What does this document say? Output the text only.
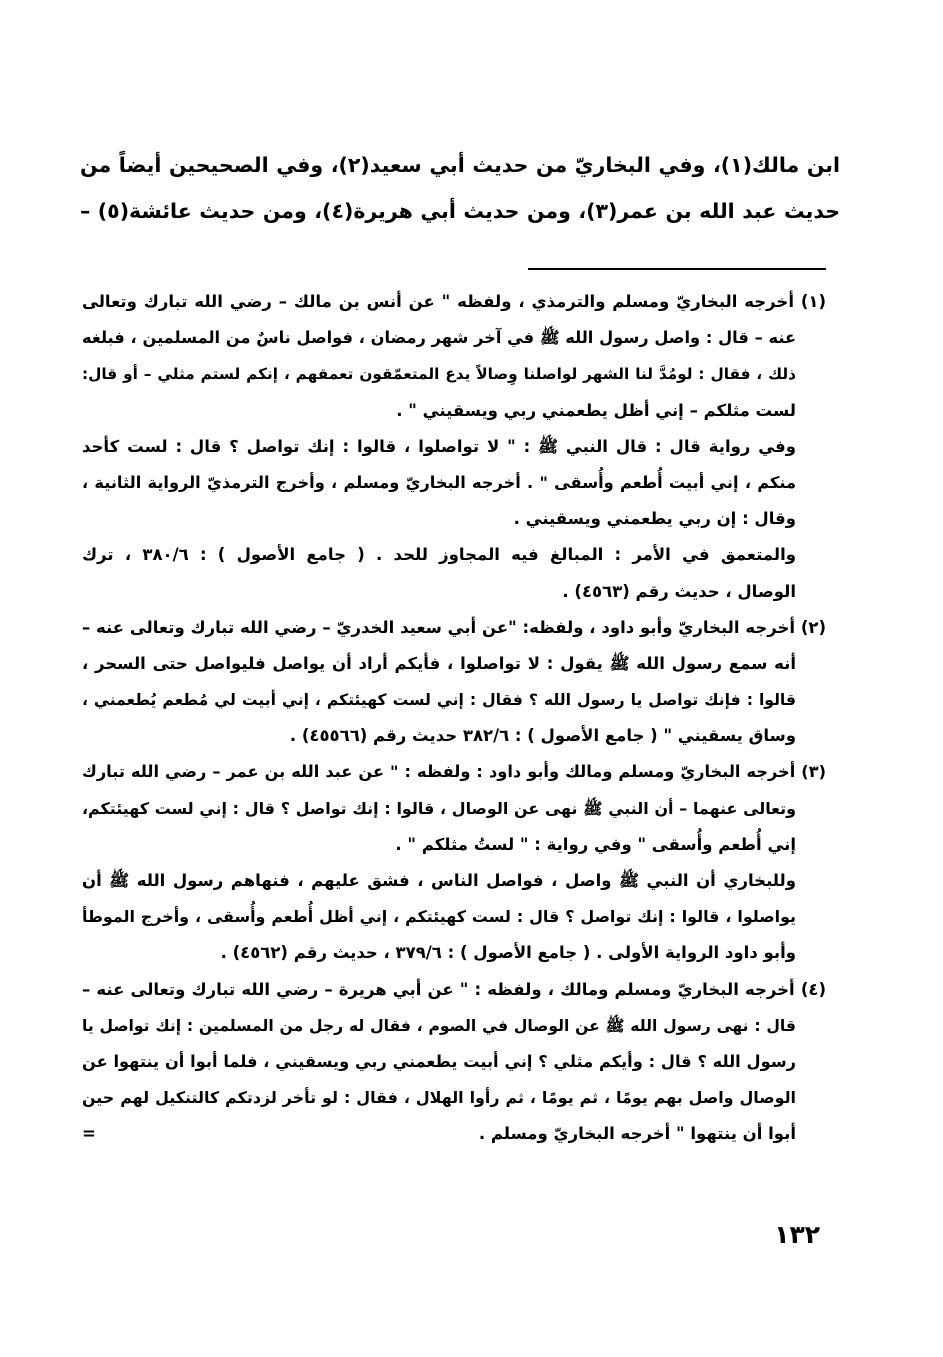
ابن مالك(١)، وفي البخاريّ من حديث أبي سعيد(٢)، وفي الصحيحين أيضاً من
حديث عبد الله بن عمر(٣)، ومن حديث أبي هريرة(٤)، ومن حديث عائشة(٥) –
(١) أخرجه البخاريّ ومسلم والترمذي ، ولفظه " عن أنس بن مالك – رضي الله تبارك وتعالى
عنه – قال : واصل رسول الله ﷺ في آخر شهر رمضان ، فواصل ناسٌ من المسلمين ، فبلغه
ذلك ، فقال : لومُدَّ لنا الشهر لواصلنا وِصالاً يدع المتعمّقون تعمقهم ، إنكم لستم مثلي – أو قال:
لست مثلكم – إني أظل يطعمني ربي ويسقيني " .
وفي رواية قال : قال النبي ﷺ : " لا تواصلوا ، قالوا : إنك تواصل ؟ قال : لست كأحد
منكم ، إني أبيت أُطعم وأُسقى " . أخرجه البخاريّ ومسلم ، وأخرج الترمذيّ الرواية الثانية ،
وقال : إن ربي يطعمني ويسقيني .
والمتعمق في الأمر : المبالغ فيه المجاوز للحد . ( جامع الأصول ) : ٣٨٠/٦ ، ترك
الوصال ، حديث رقم (٤٥٦٣) .
(٢) أخرجه البخاريّ وأبو داود ، ولفظه: "عن أبي سعيد الخدريّ – رضي الله تبارك وتعالى عنه –
أنه سمع رسول الله ﷺ يقول : لا تواصلوا ، فأيكم أراد أن يواصل فليواصل حتى السحر ،
قالوا : فإنك تواصل يا رسول الله ؟ فقال : إني لست كهيئتكم ، إني أبيت لي مُطعم يُطعمني ،
وساق يسقيني " ( جامع الأصول ) : ٣٨٢/٦ حديث رقم (٤٥٥٦٦) .
(٣) أخرجه البخاريّ ومسلم ومالك وأبو داود : ولفظه : " عن عبد الله بن عمر – رضي الله تبارك
وتعالى عنهما – أن النبي ﷺ نهى عن الوصال ، قالوا : إنك تواصل ؟ قال : إني لست كهيئتكم،
إني أُطعم وأُسقى " وفي رواية : " لستُ مثلكم " .
وللبخاري أن النبي ﷺ واصل ، فواصل الناس ، فشق عليهم ، فنهاهم رسول الله ﷺ أن
يواصلوا ، قالوا : إنك تواصل ؟ قال : لست كهيئتكم ، إني أظل أُطعم وأُسقى ، وأخرج الموطأ
وأبو داود الرواية الأولى . ( جامع الأصول ) : ٣٧٩/٦ ، حديث رقم (٤٥٦٢) .
(٤) أخرجه البخاريّ ومسلم ومالك ، ولفظه : " عن أبي هريرة – رضي الله تبارك وتعالى عنه –
قال : نهى رسول الله ﷺ عن الوصال في الصوم ، فقال له رجل من المسلمين : إنك تواصل يا
رسول الله ؟ قال : وأيكم مثلي ؟ إني أبيت يطعمني ربي ويسقيني ، فلما أبوا أن ينتهوا عن
الوصال واصل بهم يومًا ، ثم يومًا ، ثم رأوا الهلال ، فقال : لو تأخر لزدتكم كالتنكيل لهم حين
أبوا أن ينتهوا " أخرجه البخاريّ ومسلم .
=
١٣٢
